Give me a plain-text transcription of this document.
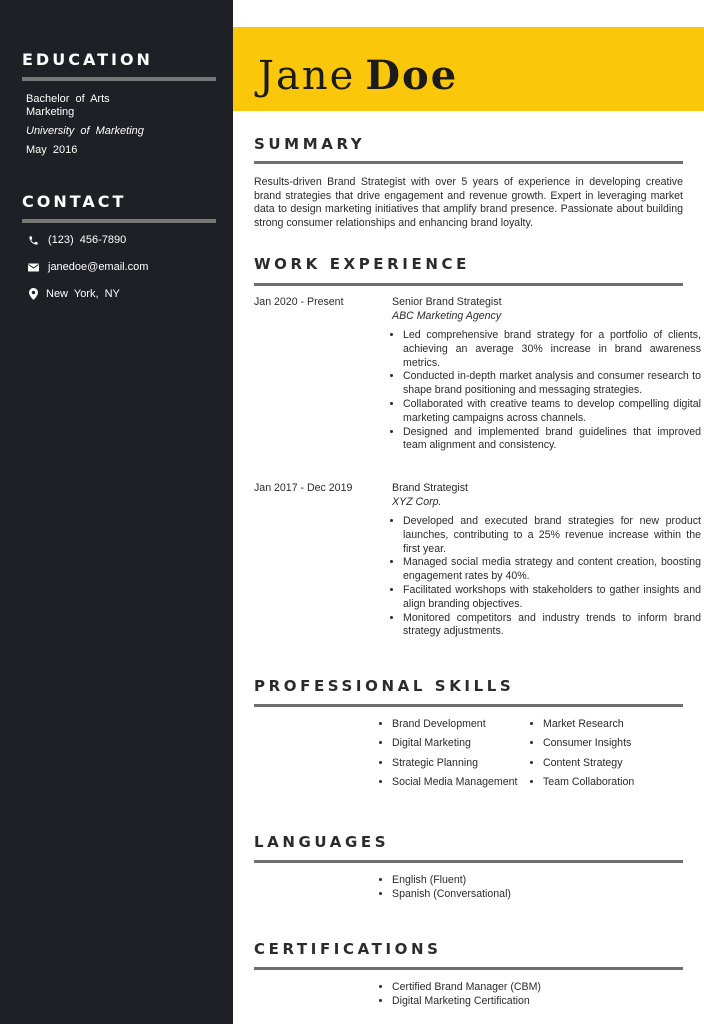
EDUCATION
Bachelor of Arts
Marketing
University of Marketing
May 2016
CONTACT
(123) 456-7890
janedoe@email.com
New York, NY
Jane Doe
SUMMARY

Results-driven Brand Strategist with over 5 years of experience in developing creative brand strategies that drive engagement and revenue growth. Expert in leveraging market data to design marketing initiatives that amplify brand presence. Passionate about building strong consumer relationships and enhancing brand loyalty.

WORK EXPERIENCE
Jan 2020 - Present	Senior Brand Strategist
ABC Marketing Agency
• Led comprehensive brand strategy for a portfolio of clients, achieving an average 30% increase in brand awareness metrics.
• Conducted in-depth market analysis and consumer research to shape brand positioning and messaging strategies.
• Collaborated with creative teams to develop compelling digital marketing campaigns across channels.
• Designed and implemented brand guidelines that improved team alignment and consistency.
Jan 2017 - Dec 2019	Brand Strategist
XYZ Corp.
• Developed and executed brand strategies for new product launches, contributing to a 25% revenue increase within the first year.
• Managed social media strategy and content creation, boosting engagement rates by 40%.
• Facilitated workshops with stakeholders to gather insights and align branding objectives.
• Monitored competitors and industry trends to inform brand strategy adjustments.
PROFESSIONAL SKILLS
• Brand Development
• Digital Marketing
• Strategic Planning
• Social Media Management
• Market Research
• Consumer Insights
• Content Strategy
• Team Collaboration
LANGUAGES
• English (Fluent)
• Spanish (Conversational)
CERTIFICATIONS
• Certified Brand Manager (CBM)
• Digital Marketing Certification
